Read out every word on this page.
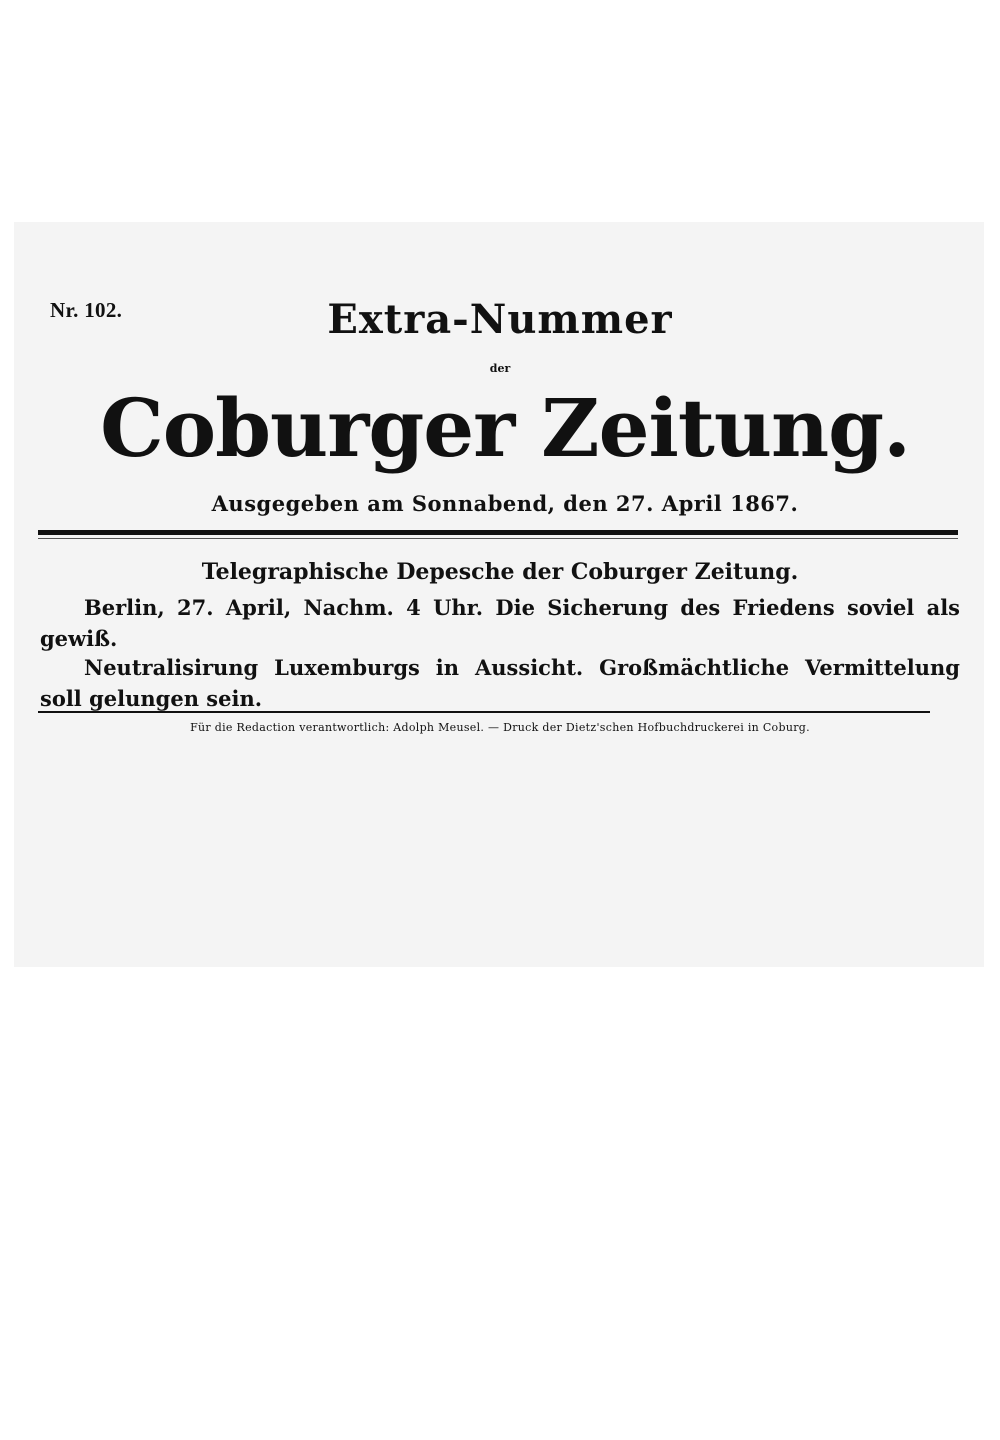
Nr. 102.	Extra-Nummer
der
Coburger Zeitung.
Ausgegeben am Sonnabend, den 27. April 1867.
Telegraphische Depesche der Coburger Zeitung.

Berlin, 27. April, Nachm. 4 Uhr. Die Sicherung des Friedens soviel als gewiß.

Neutralisirung Luxemburgs in Aussicht. Großmächtliche Vermittelung soll gelungen sein.

Für die Redaction verantwortlich: Adolph Meusel. — Druck der Dietz'schen Hofbuchdruckerei in Coburg.
